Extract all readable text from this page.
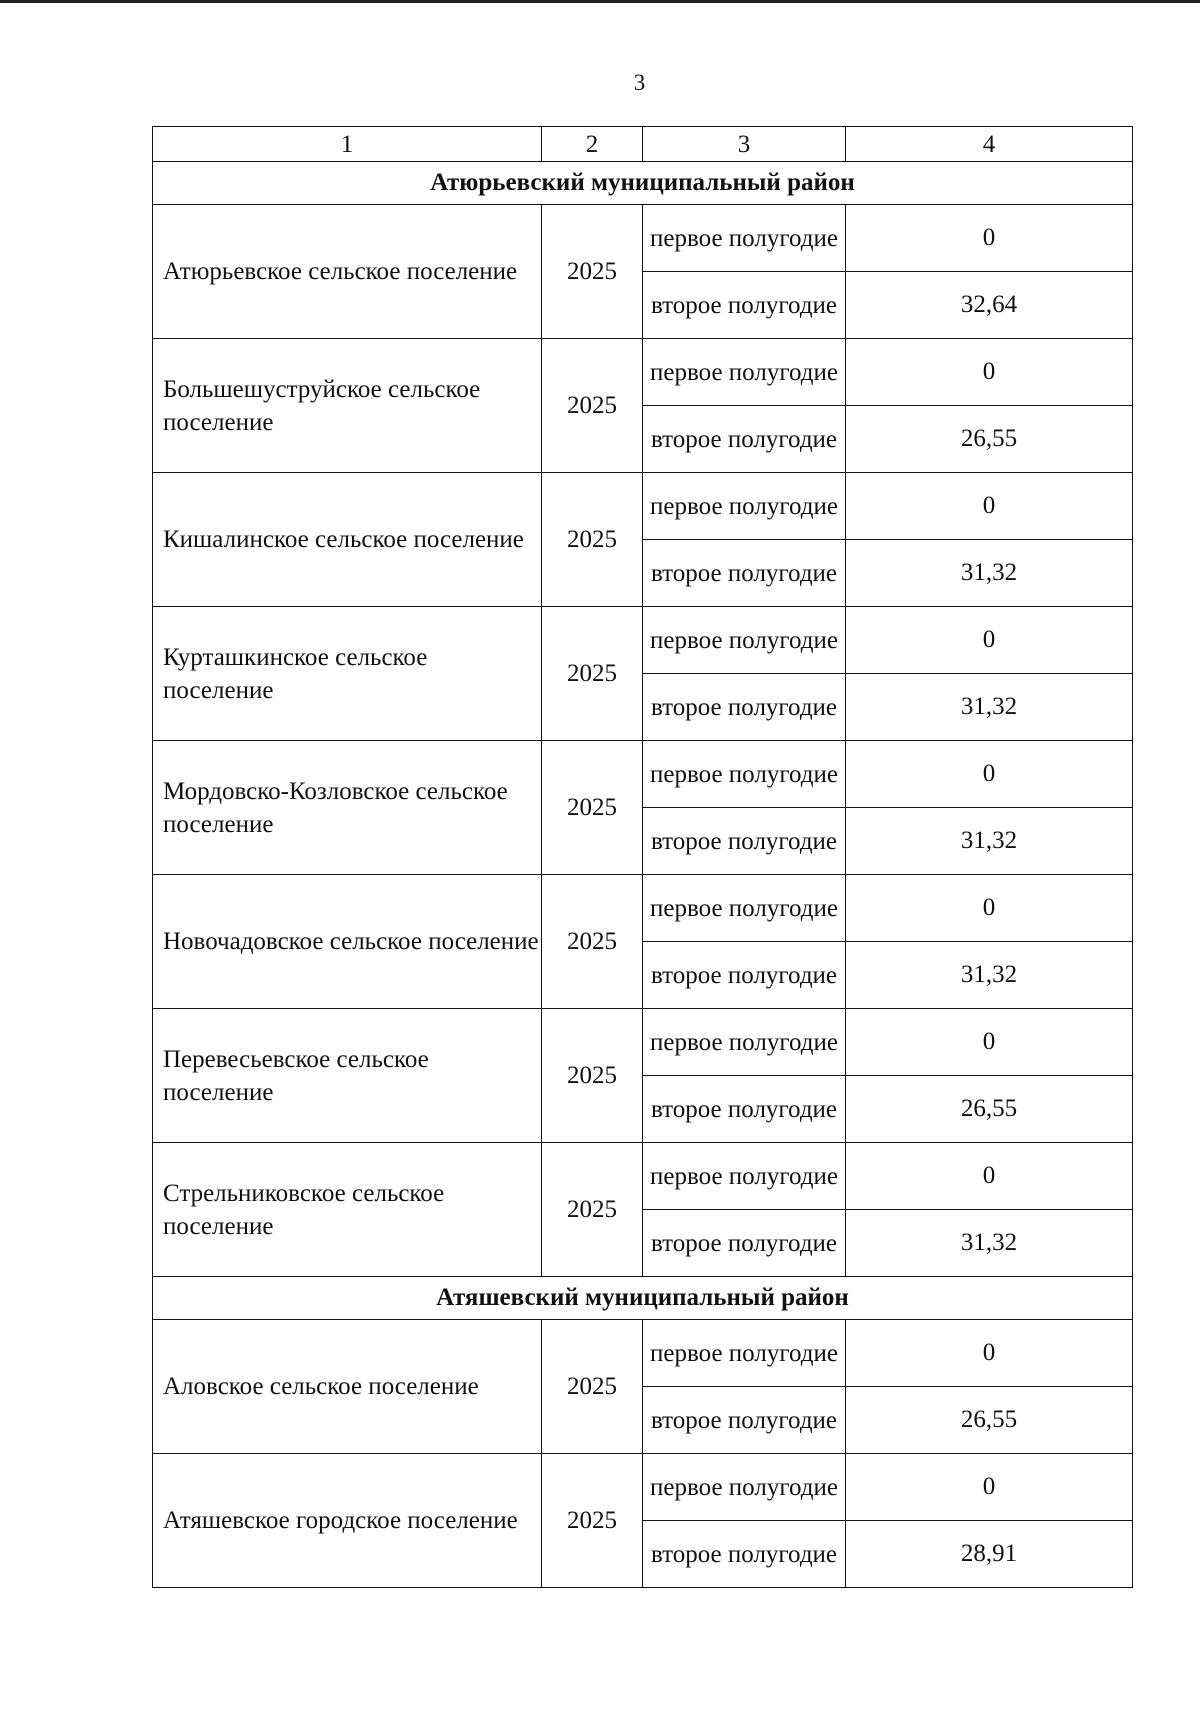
3
1	2	3	4
Атюрьевский муниципальный район			
Атюрьевское сельское поселение	2025	первое полугодие	0
		второе полугодие	32,64
Большешуструйское сельское поселение	2025	первое полугодие	0
		второе полугодие	26,55
Кишалинское сельское поселение	2025	первое полугодие	0
		второе полугодие	31,32
Курташкинское сельское поселение	2025	первое полугодие	0
		второе полугодие	31,32
Мордовско-Козловское сельское поселение	2025	первое полугодие	0
		второе полугодие	31,32
Новочадовское сельское поселение	2025	первое полугодие	0
		второе полугодие	31,32
Перевесьевское сельское поселение	2025	первое полугодие	0
		второе полугодие	26,55
Стрельниковское сельское поселение	2025	первое полугодие	0
		второе полугодие	31,32
Атяшевский муниципальный район			
Аловское сельское поселение	2025	первое полугодие	0
		второе полугодие	26,55
Атяшевское городское поселение	2025	первое полугодие	0
		второе полугодие	28,91
